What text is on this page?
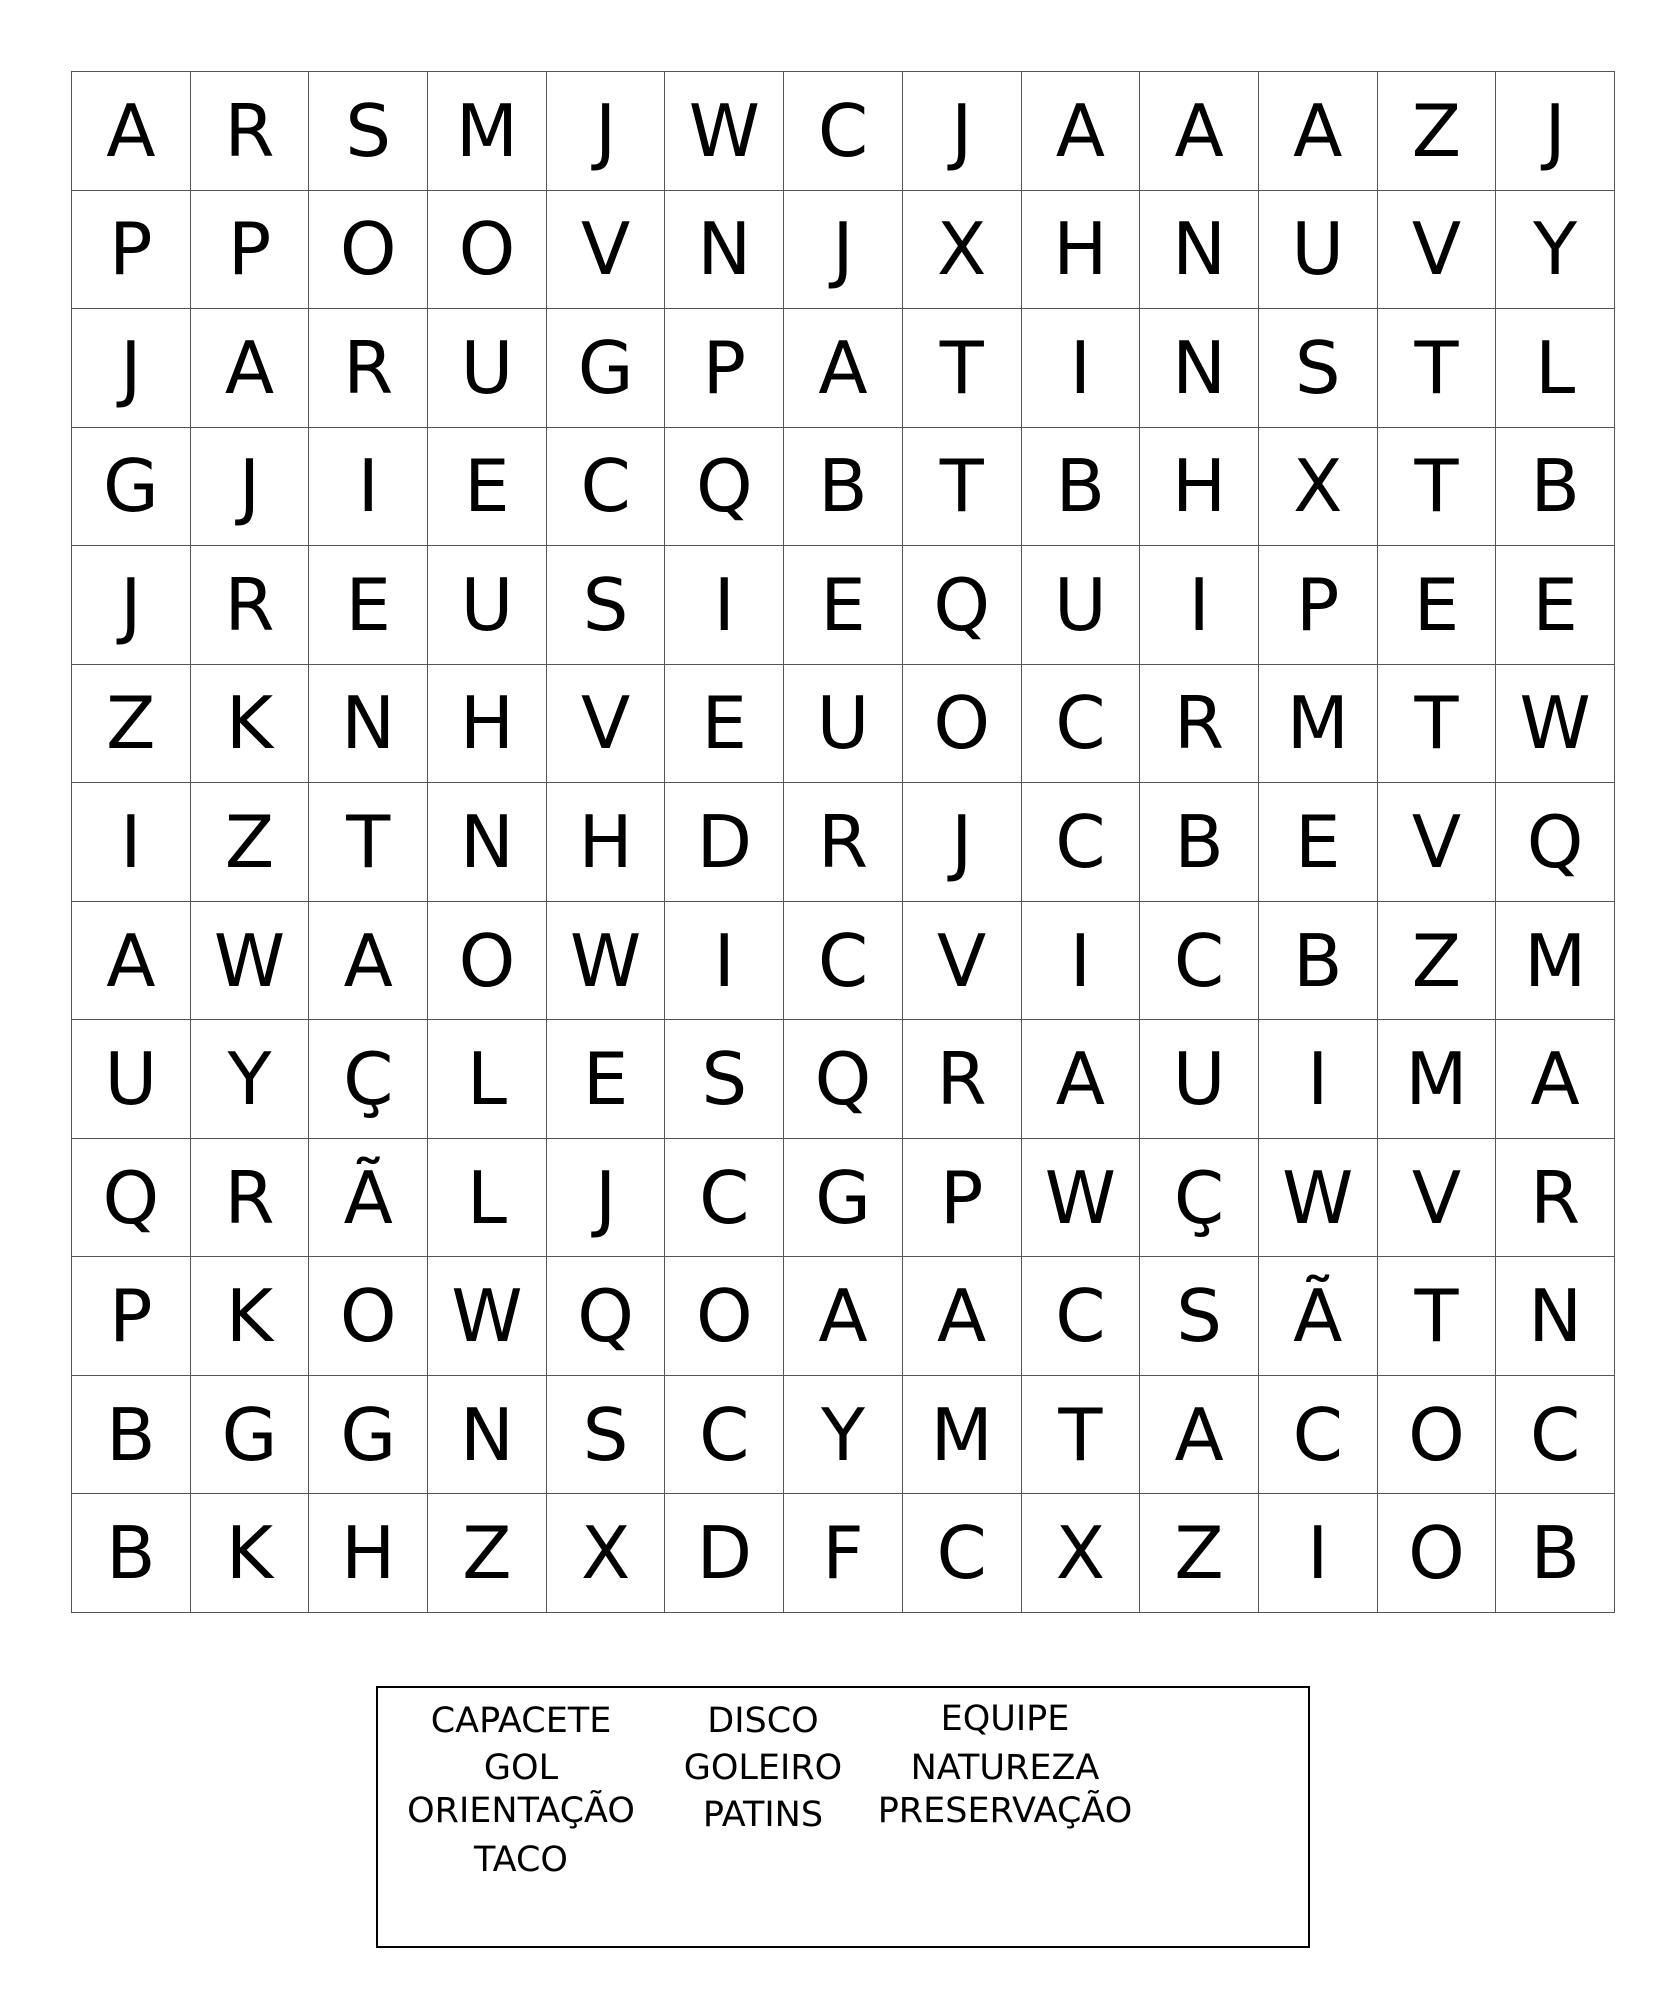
A R S M	J	W C	J	A A A Z	J
P	P O O V N	J	X H N U V	Y
J	A R U G P	A	T	I	N S	T	L
G	J	I	E C Q B	T	B H X	T	B
J	R E U S	I	E Q U	I	P	E	E
Z K N H V E U O C R M T W
I	Z	T N H D R	J	C B E V Q
A W A O W	I	C V	I	C B Z M
U Y Ç	L	E	S Q R A U	I	M A
Q R Ã	L	J	C G P W Ç W V R
P	K O W Q O A A C S Ã	T N
B G G N S C Y M T	A C O C
B K H Z X D F	C X Z	I	O B
CAPACETE	DISCO	EQUIPE
GOL	GOLEIRO	NATUREZA
ORIENTAÇÃO	PATINS	PRESERVAÇÃO
TACO
